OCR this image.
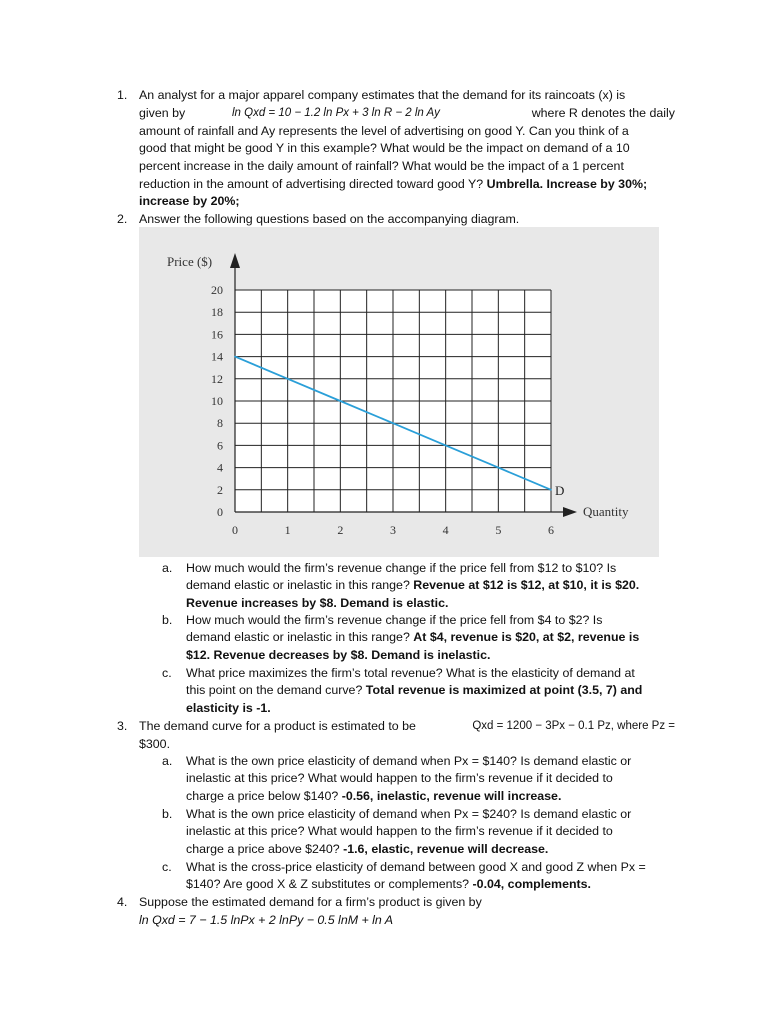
1. An analyst for a major apparel company estimates that the demand for its raincoats (x) is
given by	ln Qxd = 10 − 1.2 ln Px + 3 ln R − 2 ln Ay	where R denotes the daily
amount of rainfall and Ay represents the level of advertising on good Y. Can you think of a
good that might be good Y in this example? What would be the impact on demand of a 10
percent increase in the daily amount of rainfall? What would be the impact of a 1 percent
reduction in the amount of advertising directed toward good Y? Umbrella. Increase by 30%;
increase by 20%;
2. Answer the following questions based on the accompanying diagram.
0
2
4
6
8
10
12
14
16
18
20
0	1	2	3	4	5	6
Price ($)
Quantity
D
a. How much would the firm’s revenue change if the price fell from $12 to $10? Is
demand elastic or inelastic in this range? Revenue at $12 is $12, at $10, it is $20.
Revenue increases by $8. Demand is elastic.
b. How much would the firm’s revenue change if the price fell from $4 to $2? Is
demand elastic or inelastic in this range? At $4, revenue is $20, at $2, revenue is
$12. Revenue decreases by $8. Demand is inelastic.
c. What price maximizes the firm’s total revenue? What is the elasticity of demand at
this point on the demand curve? Total revenue is maximized at point (3.5, 7) and
elasticity is -1.
3. The demand curve for a product is estimated to be	Qxd = 1200 − 3Px − 0.1 Pz, where Pz =
$300.
a. What is the own price elasticity of demand when Px = $140? Is demand elastic or
inelastic at this price? What would happen to the firm’s revenue if it decided to
charge a price below $140? -0.56, inelastic, revenue will increase.
b. What is the own price elasticity of demand when Px = $240? Is demand elastic or
inelastic at this price? What would happen to the firm’s revenue if it decided to
charge a price above $240? -1.6, elastic, revenue will decrease.
c. What is the cross-price elasticity of demand between good X and good Z when Px =
$140? Are good X & Z substitutes or complements? -0.04, complements.
4. Suppose the estimated demand for a firm’s product is given by
ln Qxd = 7 − 1.5 lnPx + 2 lnPy − 0.5 lnM + ln A
